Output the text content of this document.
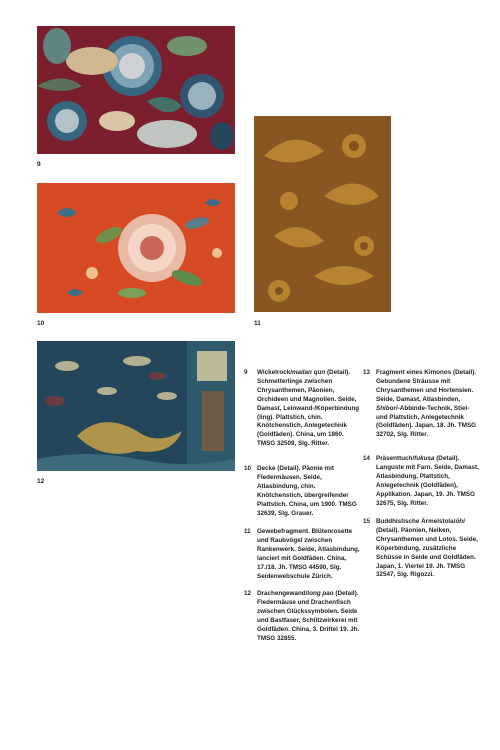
9
10	11
12
9 Wickelrock/mailan qun (Detail). Schmetterlinge zwischen Chrysanthemen, Päonien, Orchideen und Magnolien. Seide, Damast, Leinwand-/Köperbindung (ling). Plattstich, chin. Knötchenstich, Anlegetechnik (Goldfäden). China, um 1860. TMSG 32509, Slg. Ritter.
10 Decke (Detail). Päonie mit Fledermäusen. Seide, Atlasbindung, chin. Knötchenstich, übergreifender Plattstich. China, um 1900. TMSG 32639, Slg. Grauer.
11 Gewebefragment. Blütenrosette und Raubvögel zwischen Rankenwerk. Seide, Atlasbindung, lanciert mit Goldfäden. China, 17./18. Jh. TMSG 44590, Slg. Seidenwebschule Zürich.
12 Drachengewand/long pao (Detail). Fledermäuse und Drachenfisch zwischen Glückssymbolen. Seide und Bastfaser, Schlitzwirkerei mit Goldfäden. China, 3. Drittel 19. Jh. TMSG 32855.
13 Fragment eines Kimonos (Detail). Gebundene Sträusse mit Chrysanthemen und Hortensien. Seide, Damast, Atlasbinden, Shibori-Abbinde-Technik, Stiel- und Plattstich, Anlegetechnik (Goldfäden). Japan, 18. Jh. TMSG 32702, Slg. Ritter.
14 Präsenttuch/fukusa (Detail). Languste mit Farn. Seide, Damast, Atlasbindung, Plattstich, Anlegetechnik (Goldfäden), Applikation. Japan, 19. Jh. TMSG 32675, Slg. Ritter.
15 Buddhistische Ärmelstola/ōhi (Detail). Päonien, Nelken, Chrysanthemen und Lotos. Seide, Köperbindung, zusätzliche Schüsse in Seide und Goldfäden. Japan, 1. Viertel 19. Jh. TMSG 32547, Slg. Rigozzi.
